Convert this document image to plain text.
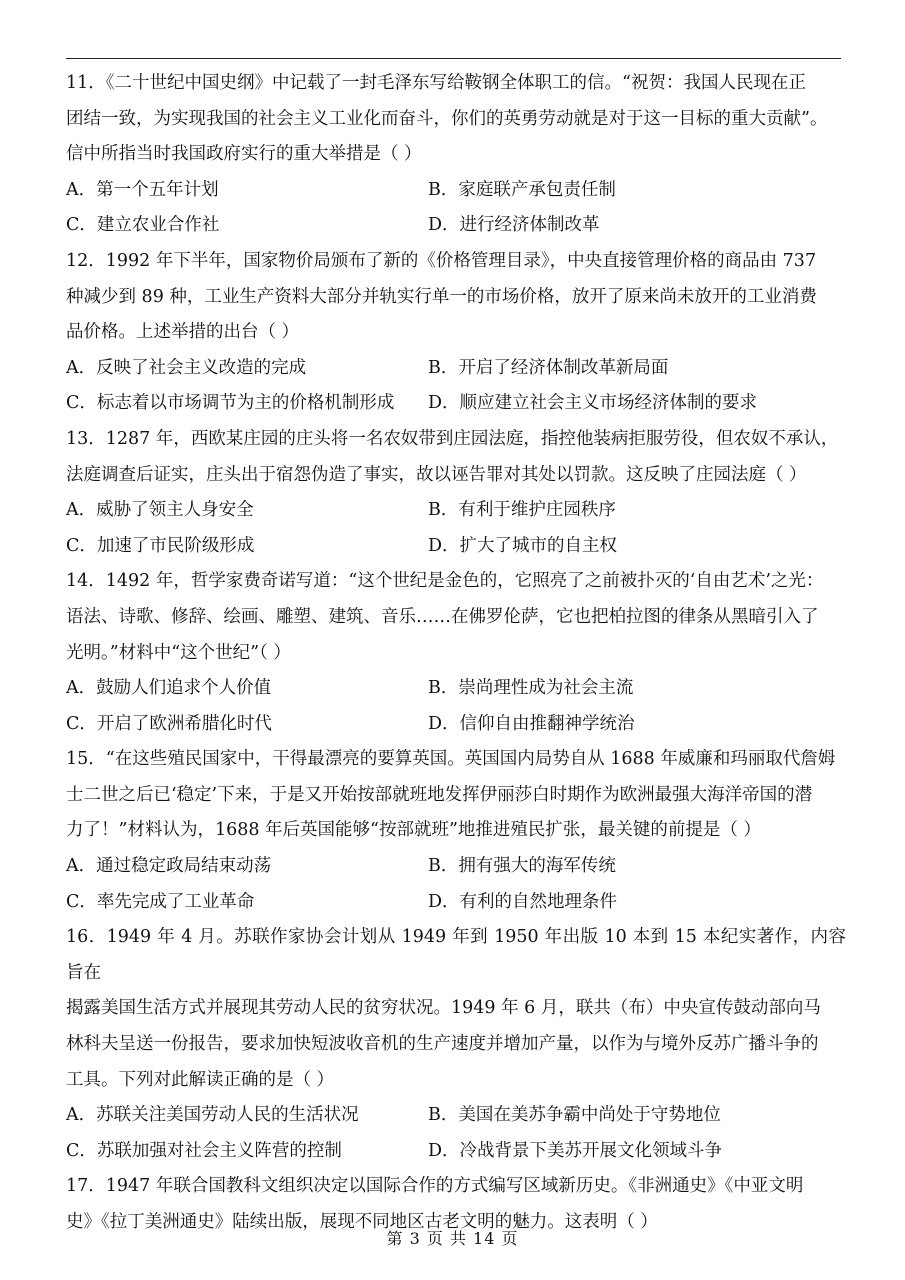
11．《二十世纪中国史纲》中记载了一封毛泽东写给鞍钢全体职工的信。“祝贺：我国人民现在正
团结一致，为实现我国的社会主义工业化而奋斗，你们的英勇劳动就是对于这一目标的重大贡献”。
信中所指当时我国政府实行的重大举措是（ ）
A．第一个五年计划	B．家庭联产承包责任制
C．建立农业合作社	D．进行经济体制改革
12．1992 年下半年，国家物价局颁布了新的《价格管理目录》，中央直接管理价格的商品由 737
种减少到 89 种，工业生产资料大部分并轨实行单一的市场价格，放开了原来尚未放开的工业消费
品价格。上述举措的出台（ ）
A．反映了社会主义改造的完成	B．开启了经济体制改革新局面
C．标志着以市场调节为主的价格机制形成	D．顺应建立社会主义市场经济体制的要求
13．1287 年，西欧某庄园的庄头将一名农奴带到庄园法庭，指控他装病拒服劳役，但农奴不承认，
法庭调查后证实，庄头出于宿怨伪造了事实，故以诬告罪对其处以罚款。这反映了庄园法庭（ ）
A．威胁了领主人身安全	B．有利于维护庄园秩序
C．加速了市民阶级形成	D．扩大了城市的自主权
14．1492 年，哲学家费奇诺写道：“这个世纪是金色的，它照亮了之前被扑灭的‘自由艺术’之光：
语法、诗歌、修辞、绘画、雕塑、建筑、音乐……在佛罗伦萨，它也把柏拉图的律条从黑暗引入了
光明。”材料中“这个世纪”（ ）
A．鼓励人们追求个人价值	B．崇尚理性成为社会主流
C．开启了欧洲希腊化时代	D．信仰自由推翻神学统治
15．“在这些殖民国家中，干得最漂亮的要算英国。英国国内局势自从 1688 年威廉和玛丽取代詹姆
士二世之后已‘稳定’下来，于是又开始按部就班地发挥伊丽莎白时期作为欧洲最强大海洋帝国的潜
力了！”材料认为，1688 年后英国能够“按部就班”地推进殖民扩张，最关键的前提是（ ）
A．通过稳定政局结束动荡	B．拥有强大的海军传统
C．率先完成了工业革命	D．有利的自然地理条件
16．1949 年 4 月。苏联作家协会计划从 1949 年到 1950 年出版 10 本到 15 本纪实著作，内容旨在
揭露美国生活方式并展现其劳动人民的贫穷状况。1949 年 6 月，联共（布）中央宣传鼓动部向马
林科夫呈送一份报告，要求加快短波收音机的生产速度并增加产量，以作为与境外反苏广播斗争的
工具。下列对此解读正确的是（ ）
A．苏联关注美国劳动人民的生活状况	B．美国在美苏争霸中尚处于守势地位
C．苏联加强对社会主义阵营的控制	D．冷战背景下美苏开展文化领域斗争
17．1947 年联合国教科文组织决定以国际合作的方式编写区域新历史。《非洲通史》《中亚文明
史》《拉丁美洲通史》陆续出版，展现不同地区古老文明的魅力。这表明（ ）
第 3 页 共 14 页
